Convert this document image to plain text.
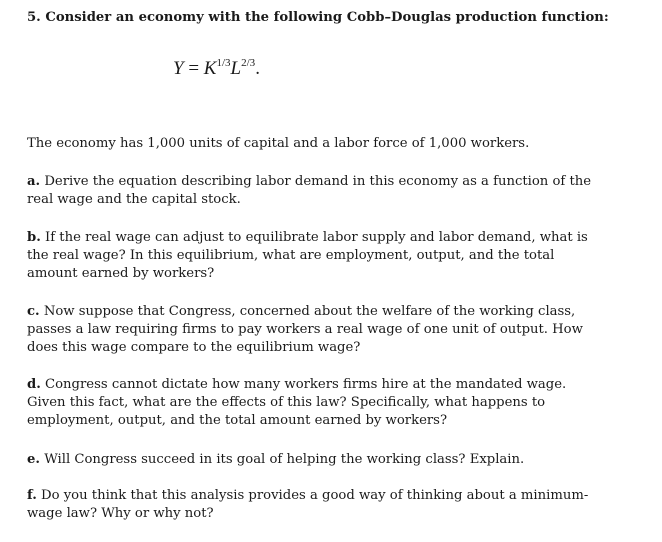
5. Consider an economy with the following Cobb–Douglas production function:
$Y = K^{1/3}L^{2/3}$.
The economy has 1,000 units of capital and a labor force of 1,000 workers.
a. Derive the equation describing labor demand in this economy as a function of the
real wage and the capital stock.
b. If the real wage can adjust to equilibrate labor supply and labor demand, what is
the real wage? In this equilibrium, what are employment, output, and the total
amount earned by workers?
c. Now suppose that Congress, concerned about the welfare of the working class,
passes a law requiring firms to pay workers a real wage of one unit of output. How
does this wage compare to the equilibrium wage?
d. Congress cannot dictate how many workers firms hire at the mandated wage.
Given this fact, what are the effects of this law? Specifically, what happens to
employment, output, and the total amount earned by workers?
e. Will Congress succeed in its goal of helping the working class? Explain.
f. Do you think that this analysis provides a good way of thinking about a minimum-
wage law? Why or why not?
